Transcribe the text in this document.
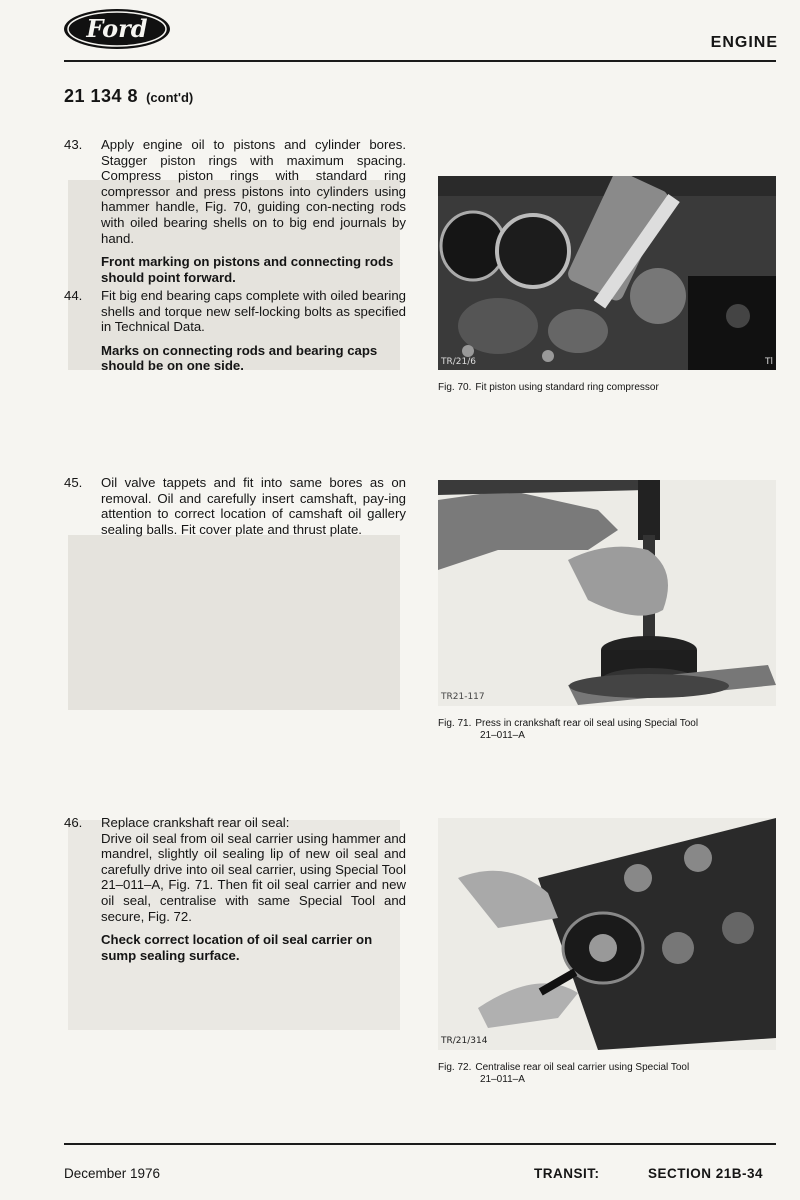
Ford	ENGINE
21 134 8 (cont'd)
43.	Apply engine oil to pistons and cylinder bores. Stagger piston rings with maximum spacing. Compress piston rings with standard ring compressor and press pistons into cylinders using hammer handle, Fig. 70, guiding con-necting rods with oiled bearing shells on to big end journals by hand.
Front marking on pistons and connecting rods should point forward.
44.	Fit big end bearing caps complete with oiled bearing shells and torque new self-locking bolts as specified in Technical Data.
Marks on connecting rods and bearing caps should be on one side.
45.	Oil valve tappets and fit into same bores as on removal. Oil and carefully insert camshaft, pay-ing attention to correct location of camshaft oil gallery sealing balls. Fit cover plate and thrust plate.
46.	Replace crankshaft rear oil seal:
Drive oil seal from oil seal carrier using hammer and mandrel, slightly oil sealing lip of new oil seal and carefully drive into oil seal carrier, using Special Tool 21–011–A, Fig. 71. Then fit oil seal carrier and new oil seal, centralise with same Special Tool and secure, Fig. 72.
Check correct location of oil seal carrier on sump sealing surface.
TR/21/6	Tl
Fig. 70. Fit piston using standard ring compressor
TR21-117
Fig. 71. Press in crankshaft rear oil seal using Special Tool
21–011–A
TR/21/314
Fig. 72. Centralise rear oil seal carrier using Special Tool
21–011–A
December 1976	TRANSIT:	SECTION 21B-34
